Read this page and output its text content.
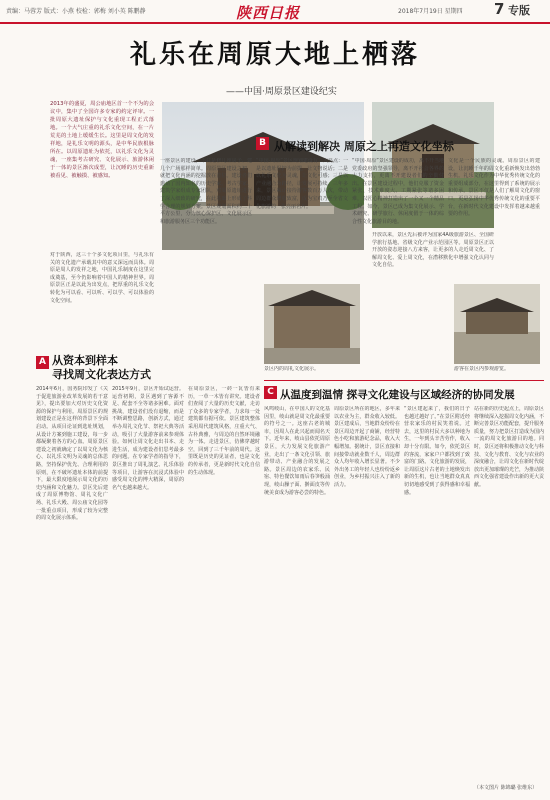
责编：马蓉芳 版式：小燕 校检：郭梅 刘小英 陈鹏静	陕西日报	2018年7月19日 星期四 7 专版
礼乐在周原大地上栖落
——中国·周原景区建设纪实
2013年的盛夏，周公庙地区首一个不为的会议中，集中了全国许多专家的约定评审。一批周原大遗址保护与文化重现工程正式落地。一个大气庄重的礼乐文化空间，在一片荒芜的土地上缓缓生长。这里是周文化的发祥地，是礼乐文明的源头，是中华民族根脉所在。以周原遗址为依托，以礼乐文化为灵魂，一座集考古研究、文化展示、旅游休闲于一体的景区渐次成型，让沉睡的历史重新被看见、被触摸、被感知。
对于陕西，这三十个多文化项目里，与礼乐有关的文化遗产承载其中的意义深远而具体。周原是周人的发祥之地，中国礼乐制度在这里完成奠基，至今仍影响着中国人的精神世界。周原景区正是以此为出发点，把厚重的礼乐文化转化为可以看、可以听、可以学、可以体验的文化空间。
开放以来，景区先后被评为国家4A级旅游景区、全国研学旅行基地、省级文化产业示范园区等。周原景区正以开放的姿态迎接八方来客，让更多的人走近周文化、了解周文化、爱上周文化，在潜移默化中增强文化认同与文化自信。
B 从解读到解决 周原之上再造文化坐标
一座景区的建设，不只是修几座房子、建几个广场那样简单。周原景区建设之初，就把文化内涵的挖掘放在首位。建设者们邀请了国内知名的历史学家、考古学家、建筑学家组成专家团队，对周原遗址进行了深入细致的研究，在此基础上形成了科学合理的规划方案。景区规划面积约二十平方公里，分为核心保护区、文化展示区和旅游服务区三个功能区。
“中国·周原”景区规划建设有三大亮点：一是以遗址保护为前提，让文物说话；二是以礼乐文化为灵魂，让文化可感；三是以产业融合为路径，让发展可持续。三年多来，景区累计接待游客数百万人次，带动周边群众增收致富，成为宝鸡乃至全省文化旅游的一张亮丽名片。
“中国·周原”景区建设的成功，离不开当地党委政府的坚强领导，离不开社会各界的大力支持，更离不开建设者们的辛勤付出。在景区建设过程中，他们克服了资金紧张、技术难度大、工期紧张等诸多困难，以匠心精神打造出了一个又一个精品工程。如今，景区已成为集文化展示、学术研究、研学旅行、休闲度假于一体的综合性文化旅游目的地。
文化是一个民族的灵魂。周原景区的建设，让沉睡千年的周文化重新焕发出勃勃生机。礼乐文化作为中华优秀传统文化的重要组成部分，在这里得到了系统的展示和传承。景区不仅是人们了解周文化的窗口，更是弘扬中华优秀传统文化的重要平台，在新时代文化建设中发挥着越来越重要的作用。
A 从资本到样本
寻找周文化表达方式
2014年6月，国务院印发了《关于促进旅游业改革发展的若干意见》，提出要加大对历史文化资源的保护与利用。周原景区的规划建设正是在这样的背景下全面启动。从项目论证到选址规划，从设计方案到施工建设，每一步都凝聚着各方的心血。周原景区建设之初就确定了以周文化为核心、以礼乐文明为灵魂的总体思路，坚持保护优先、合理利用的原则，在不破坏遗址本体的前提下，最大限度地展示周文化的历史内涵和文化魅力。景区先后建成了周原博物馆、周礼文化广场、礼乐大殿、周公庙文化园等一批重点项目，形成了较为完整的周文化展示体系。
2015年9月，景区开始试运营。运营初期，景区遇到了客源不足、配套不全等诸多困难。面对挑战，建设者们没有退缩，而是不断调整思路，创新方式，通过举办周礼文化节、祭祀大典等活动，吸引了大量游客前来参观体验。如何让周文化走出书本、走进生活，成为建设者们思考最多的问题。在专家学者的指导下，景区推出了周礼演艺、礼乐体验等项目，让游客在沉浸式体验中感受周文化的博大精深，周原的名气也越来越大。
在周原景区，一砖一瓦皆有来历，一草一木皆有讲究。建设者们查阅了大量的历史文献，走访了众多的专家学者，力求每一处建筑都有据可依。景区建筑整体采用周代建筑风格，庄重大气、古朴典雅，与周边的自然环境融为一体。走进景区，仿佛穿越时空，回到了三千年前的周代。这里既是历史的见证者，也是文化的传承者，更是新时代文化自信的生动体现。
景区内的周礼文化展示。	游客在景区内参观游览。
C 从温度到温情 探寻文化建设与区域经济的协同发展
风鸣岐山，在中国人的文化基因里，岐山就是周文化最重要的符号之一。这座古老的城市，因周人在此兴起而闻名天下。近年来，岐山县依托周原景区，大力发展文化旅游产业，走出了一条文化引领、旅游带动、产业融合的发展之路。景区周边的农家乐、民宿、特色餐饮如雨后春笋般涌现，岐山臊子面、擀面皮等传统美食成为游客必尝的特色。
周原景区所在的地区，多年来以农业为主，群众收入较低。景区建成后，当地群众纷纷在景区周边开起了商铺，经营特色小吃和旅游纪念品，收入大幅增加。据统计，景区直接和间接带动就业数千人，周边群众人均年收入增长显著。不少外出务工的年轻人也纷纷返乡创业，为乡村振兴注入了新的活力。
“景区建起来了，我们的日子也越过越好了。”在景区附近经营农家乐的村民笑着说。过去，这里的村民大多以种地为生，一年到头辛苦劳作，收入却十分有限。如今，依托景区的客流，家家户户都找到了致富的门路。文化旅游的发展，让周原这片古老的土地焕发出新的生机，也让当地群众真真切切地感受到了获得感和幸福感。
站在新的历史起点上，周原景区将继续深入挖掘周文化内涵，不断完善景区功能配套，提升服务质量，努力把景区打造成为国内一流的周文化旅游目的地。同时，景区还将积极推动文化与科技、文化与教育、文化与农业的深度融合，让周文化在新时代绽放出更加璀璨的光芒，为推动陕西文化强省建设作出新的更大贡献。
（本文图片 陈锦璐 张维东）
